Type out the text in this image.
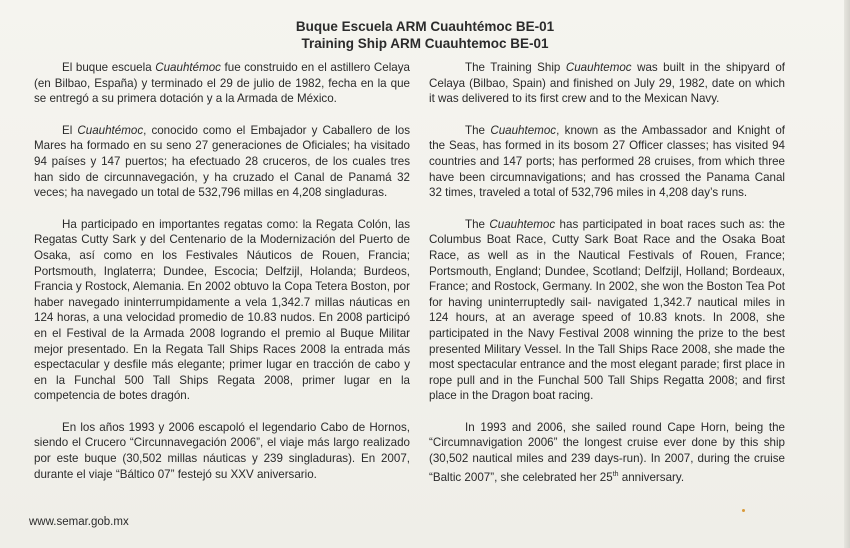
Buque Escuela ARM Cuauhtémoc BE-01
Training Ship ARM Cuauhtemoc BE-01

El buque escuela Cuauhtémoc fue construido en el astillero Celaya (en Bilbao, España) y terminado el 29 de julio de 1982, fecha en la que se entregó a su primera dotación y a la Armada de México.

El Cuauhtémoc, conocido como el Embajador y Caballero de los Mares ha formado en su seno 27 generaciones de Oficiales; ha visitado 94 países y 147 puertos; ha efectuado 28 cruceros, de los cuales tres han sido de circunnavegación, y ha cruzado el Canal de Panamá 32 veces; ha navegado un total de 532,796 millas en 4,208 singladuras.

Ha participado en importantes regatas como: la Regata Colón, las Regatas Cutty Sark y del Centenario de la Modernización del Puerto de Osaka, así como en los Festivales Náuticos de Rouen, Francia; Portsmouth, Inglaterra; Dundee, Escocia; Delfzijl, Holanda; Burdeos, Francia y Rostock, Alemania. En 2002 obtuvo la Copa Tetera Boston, por haber navegado ininterrumpidamente a vela 1,342.7 millas náuticas en 124 horas, a una velocidad promedio de 10.83 nudos. En 2008 participó en el Festival de la Armada 2008 logrando el premio al Buque Militar mejor presentado. En la Regata Tall Ships Races 2008 la entrada más espectacular y desfile más elegante; primer lugar en tracción de cabo y en la Funchal 500 Tall Ships Regata 2008, primer lugar en la competencia de botes dragón.

En los años 1993 y 2006 escapoló el legendario Cabo de Hornos, siendo el Crucero “Circunnavegación 2006”, el viaje más largo realizado por este buque (30,502 millas náuticas y 239 singladuras). En 2007, durante el viaje “Báltico 07” festejó su XXV aniversario.

The Training Ship Cuauhtemoc was built in the shipyard of Celaya (Bilbao, Spain) and finished on July 29, 1982, date on which it was delivered to its first crew and to the Mexican Navy.

The Cuauhtemoc, known as the Ambassador and Knight of the Seas, has formed in its bosom 27 Officer classes; has visited 94 countries and 147 ports; has performed 28 cruises, from which three have been circumnavigations; and has crossed the Panama Canal 32 times, traveled a total of 532,796 miles in 4,208 day’s runs.

The Cuauhtemoc has participated in boat races such as: the Columbus Boat Race, Cutty Sark Boat Race and the Osaka Boat Race, as well as in the Nautical Festivals of Rouen, France; Portsmouth, England; Dundee, Scotland; Delfzijl, Holland; Bordeaux, France; and Rostock, Germany. In 2002, she won the Boston Tea Pot for having uninterruptedly sail- navigated 1,342.7 nautical miles in 124 hours, at an average speed of 10.83 knots. In 2008, she participated in the Navy Festival 2008 winning the prize to the best presented Military Vessel. In the Tall Ships Race 2008, she made the most spectacular entrance and the most elegant parade; first place in rope pull and in the Funchal 500 Tall Ships Regatta 2008; and first place in the Dragon boat racing.

In 1993 and 2006, she sailed round Cape Horn, being the “Circumnavigation 2006” the longest cruise ever done by this ship (30,502 nautical miles and 239 days-run). In 2007, during the cruise “Baltic 2007”, she celebrated her 25th anniversary.

www.semar.gob.mx
